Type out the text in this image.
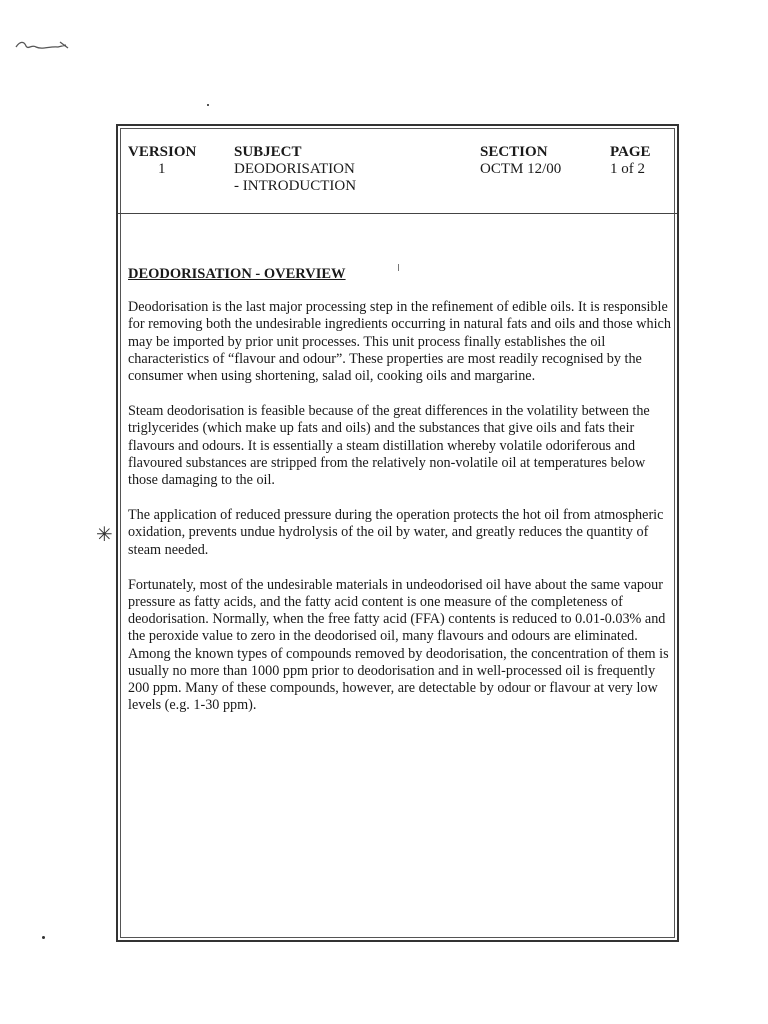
VERSION
1
SUBJECT
DEODORISATION
- INTRODUCTION
SECTION
OCTM 12/00
PAGE
1 of 2

DEODORISATION - OVERVIEW

Deodorisation is the last major processing step in the refinement of edible oils. It is responsible for removing both the undesirable ingredients occurring in natural fats and oils and those which may be imported by prior unit processes. This unit process finally establishes the oil characteristics of “flavour and odour”. These properties are most readily recognised by the consumer when using shortening, salad oil, cooking oils and margarine.

Steam deodorisation is feasible because of the great differences in the volatility between the triglycerides (which make up fats and oils) and the substances that give oils and fats their flavours and odours. It is essentially a steam distillation whereby volatile odoriferous and flavoured substances are stripped from the relatively non-volatile oil at temperatures below those damaging to the oil.

The application of reduced pressure during the operation protects the hot oil from atmospheric oxidation, prevents undue hydrolysis of the oil by water, and greatly reduces the quantity of steam needed.

Fortunately, most of the undesirable materials in undeodorised oil have about the same vapour pressure as fatty acids, and the fatty acid content is one measure of the completeness of deodorisation. Normally, when the free fatty acid (FFA) contents is reduced to 0.01-0.03% and the peroxide value to zero in the deodorised oil, many flavours and odours are eliminated. Among the known types of compounds removed by deodorisation, the concentration of them is usually no more than 1000 ppm prior to deodorisation and in well-processed oil is frequently 200 ppm. Many of these compounds, however, are detectable by odour or flavour at very low levels (e.g. 1-30 ppm).

✳
